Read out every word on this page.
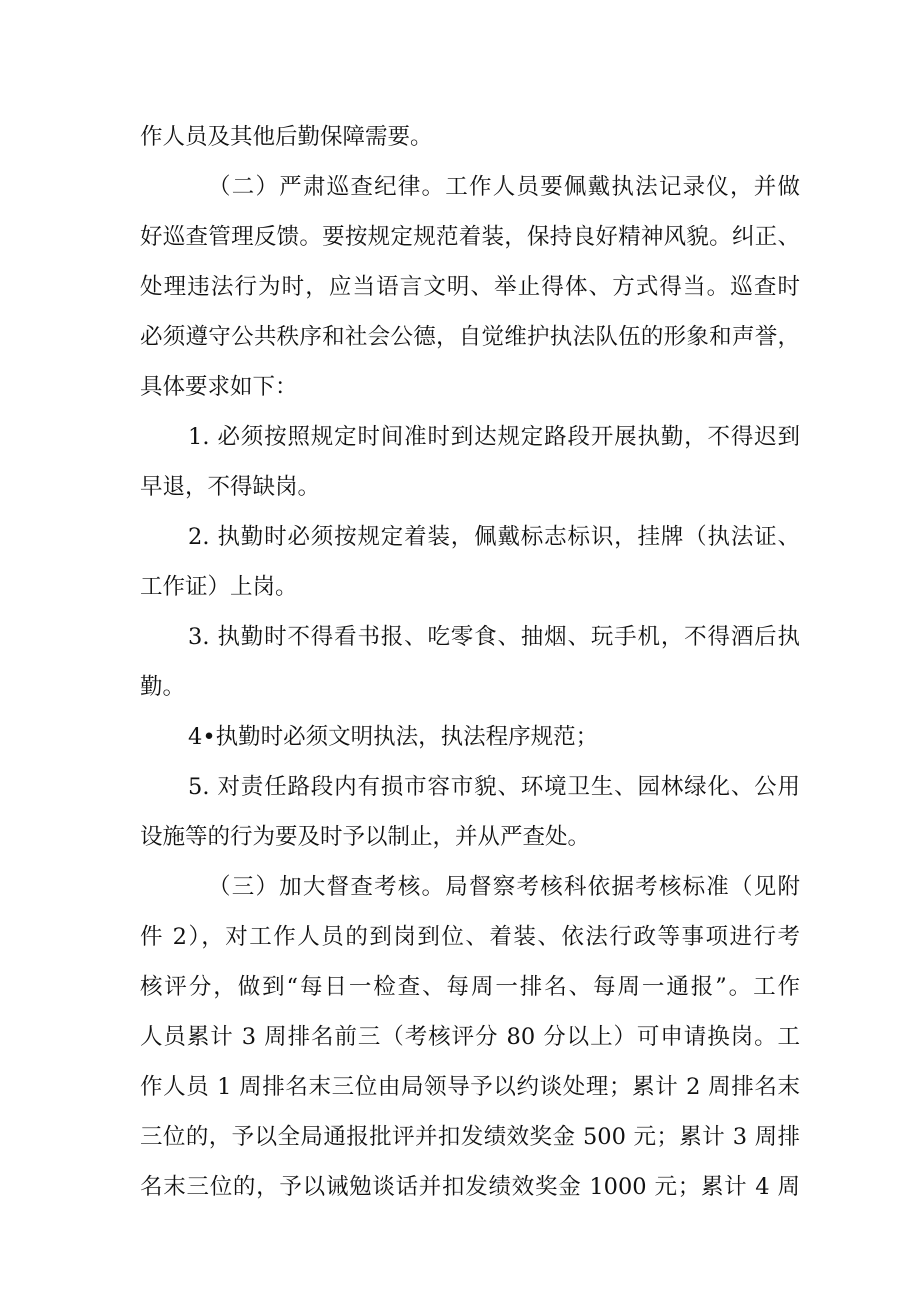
作人员及其他后勤保障需要。
（二）严肃巡查纪律。工作人员要佩戴执法记录仪，并做
好巡查管理反馈。要按规定规范着装，保持良好精神风貌。纠正、
处理违法行为时，应当语言文明、举止得体、方式得当。巡查时
必须遵守公共秩序和社会公德，自觉维护执法队伍的形象和声誉，
具体要求如下：
1. 必须按照规定时间准时到达规定路段开展执勤，不得迟到
早退，不得缺岗。
2. 执勤时必须按规定着装，佩戴标志标识，挂牌（执法证、
工作证）上岗。
3. 执勤时不得看书报、吃零食、抽烟、玩手机，不得酒后执
勤。
4•执勤时必须文明执法，执法程序规范；
5. 对责任路段内有损市容市貌、环境卫生、园林绿化、公用
设施等的行为要及时予以制止，并从严查处。
（三）加大督查考核。局督察考核科依据考核标准（见附
件 2），对工作人员的到岗到位、着装、依法行政等事项进行考
核评分，做到“每日一检查、每周一排名、每周一通报”。工作
人员累计 3 周排名前三（考核评分 80 分以上）可申请换岗。工
作人员 1 周排名末三位由局领导予以约谈处理；累计 2 周排名末
三位的，予以全局通报批评并扣发绩效奖金 500 元；累计 3 周排
名末三位的，予以诫勉谈话并扣发绩效奖金 1000 元；累计 4 周
